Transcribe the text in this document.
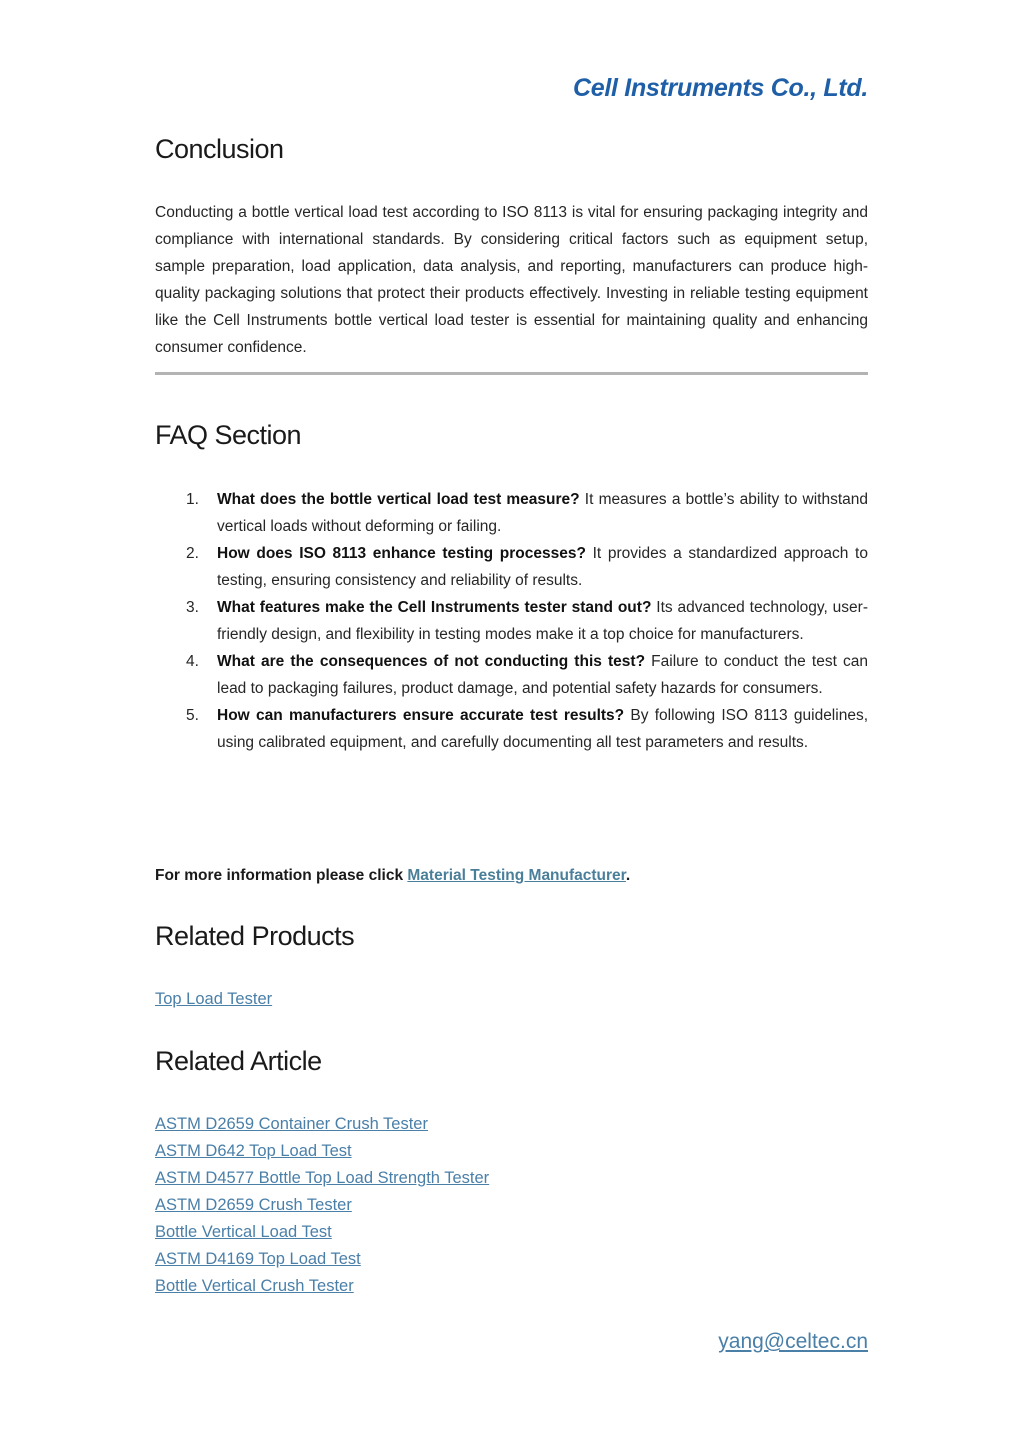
Cell Instruments Co., Ltd.
Conclusion

Conducting a bottle vertical load test according to ISO 8113 is vital for ensuring packaging integrity and compliance with international standards. By considering critical factors such as equipment setup, sample preparation, load application, data analysis, and reporting, manufacturers can produce high-quality packaging solutions that protect their products effectively. Investing in reliable testing equipment like the Cell Instruments bottle vertical load tester is essential for maintaining quality and enhancing consumer confidence.

FAQ Section
1. What does the bottle vertical load test measure? It measures a bottle’s ability to withstand vertical loads without deforming or failing.
2. How does ISO 8113 enhance testing processes? It provides a standardized approach to testing, ensuring consistency and reliability of results.
3. What features make the Cell Instruments tester stand out? Its advanced technology, user-friendly design, and flexibility in testing modes make it a top choice for manufacturers.
4. What are the consequences of not conducting this test? Failure to conduct the test can lead to packaging failures, product damage, and potential safety hazards for consumers.
5. How can manufacturers ensure accurate test results? By following ISO 8113 guidelines, using calibrated equipment, and carefully documenting all test parameters and results.
For more information please click Material Testing Manufacturer.
Related Products
Top Load Tester
Related Article
ASTM D2659 Container Crush Tester
ASTM D642 Top Load Test
ASTM D4577 Bottle Top Load Strength Tester
ASTM D2659 Crush Tester
Bottle Vertical Load Test
ASTM D4169 Top Load Test
Bottle Vertical Crush Tester
yang@celtec.cn
